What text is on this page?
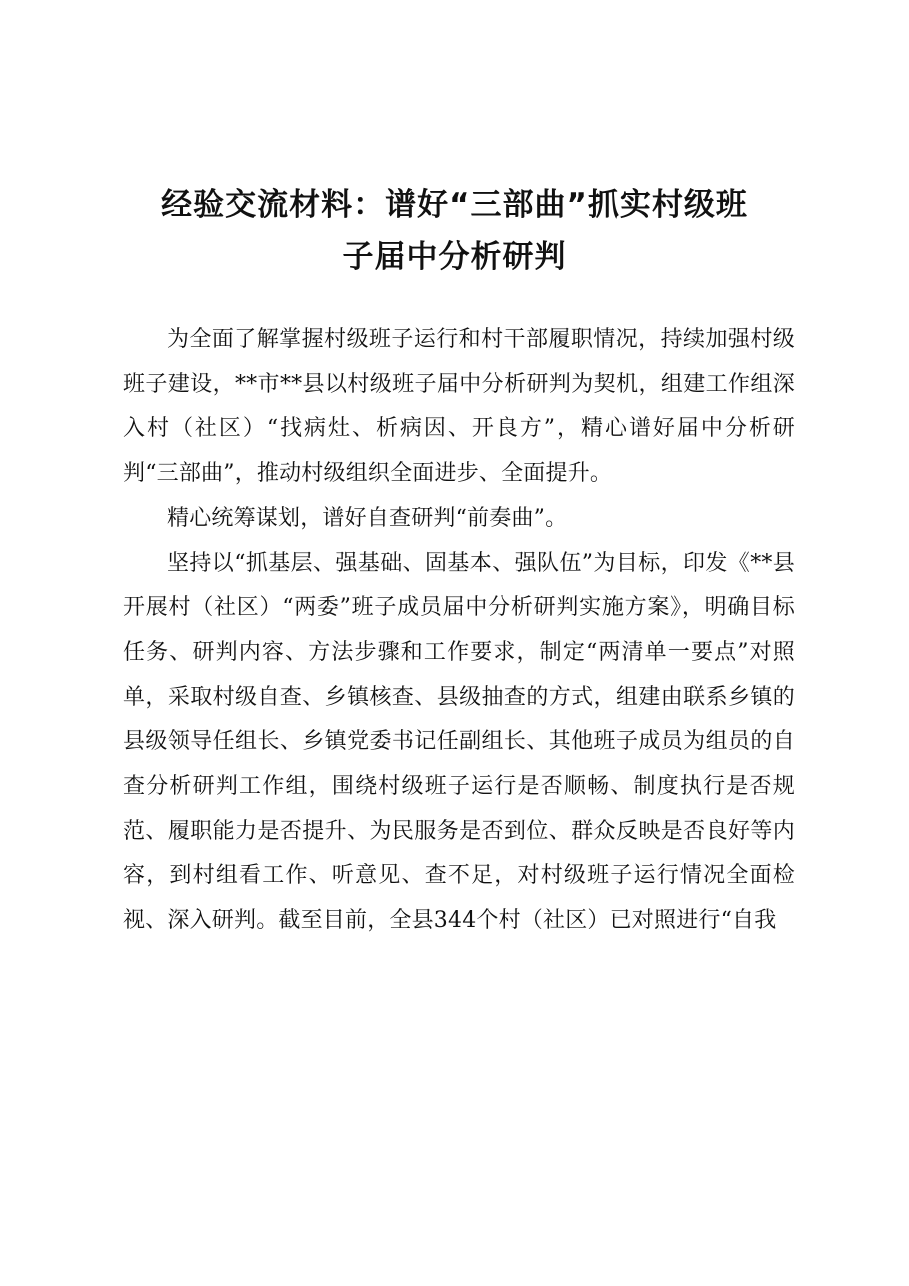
经验交流材料：谱好“三部曲”抓实村级班
子届中分析研判

为全面了解掌握村级班子运行和村干部履职情况，持续加强村级班子建设，**市**县以村级班子届中分析研判为契机，组建工作组深入村（社区）“找病灶、析病因、开良方”，精心谱好届中分析研判“三部曲”，推动村级组织全面进步、全面提升。

精心统筹谋划，谱好自查研判“前奏曲”。

坚持以“抓基层、强基础、固基本、强队伍”为目标，印发《**县开展村（社区）“两委”班子成员届中分析研判实施方案》，明确目标任务、研判内容、方法步骤和工作要求，制定“两清单一要点”对照单，采取村级自查、乡镇核查、县级抽查的方式，组建由联系乡镇的县级领导任组长、乡镇党委书记任副组长、其他班子成员为组员的自查分析研判工作组，围绕村级班子运行是否顺畅、制度执行是否规范、履职能力是否提升、为民服务是否到位、群众反映是否良好等内容，到村组看工作、听意见、查不足，对村级班子运行情况全面检视、深入研判。截至目前，全县344个村（社区）已对照进行“自我
